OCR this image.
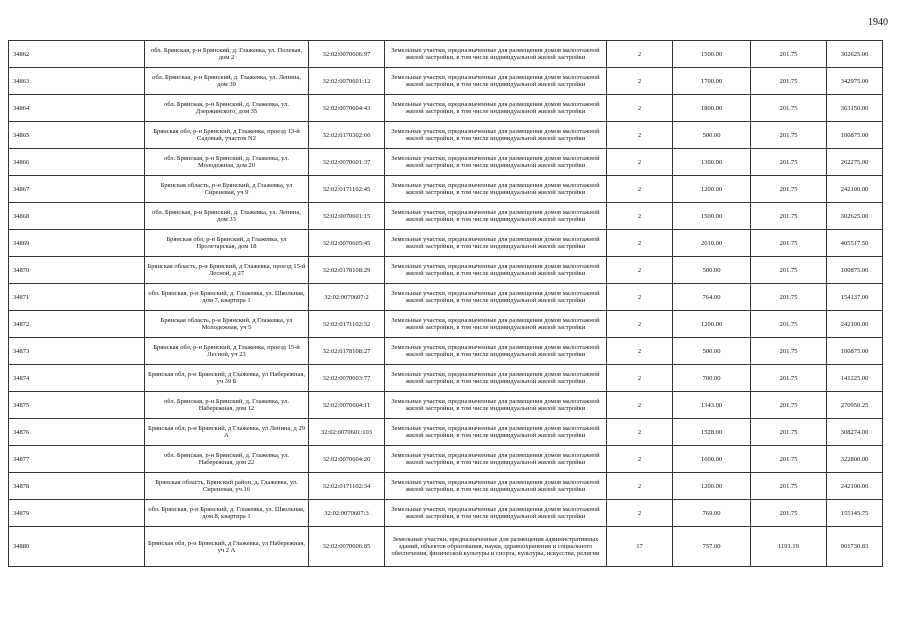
1940
34862	обл. Брянская, р-н Брянский, д. Глажевка, ул. Полевая, дом 2	32:02:0070606:97	Земельные участки, предназначенные для размещения домов малоэтажной жилой застройки, в том числе индивидуальной жилой застройки	2	1500.00	201.75	302625.00
34863	обл. Брянская, р-н Брянский, д. Глажевка, ул. Ленина, дом 39	32:02:0070601:12	Земельные участки, предназначенные для размещения домов малоэтажной жилой застройки, в том числе индивидуальной жилой застройки	2	1700.00	201.75	342975.00
34864	обл. Брянская, р-н Брянский, д. Глажевка, ул. Дзержинского, дом 35	32:02:0070604:43	Земельные участки, предназначенные для размещения домов малоэтажной жилой застройки, в том числе индивидуальной жилой застройки	2	1800.00	201.75	363150.00
34865	Брянская обл, р-н Брянский, д Глажевка, проезд 13-й Садовый, участок N2	32:02:0170302:66	Земельные участки, предназначенные для размещения домов малоэтажной жилой застройки, в том числе индивидуальной жилой застройки	2	500.00	201.75	100875.00
34866	обл. Брянская, р-н Брянский, д. Глажевка, ул. Молодежная, дом 20	32:02:0070601:37	Земельные участки, предназначенные для размещения домов малоэтажной жилой застройки, в том числе индивидуальной жилой застройки	2	1300.00	201.75	262275.00
34867	Брянская область, р-н Брянский, д Глажевка, ул Сиреневая, уч 9	32:02:0171102:45	Земельные участки, предназначенные для размещения домов малоэтажной жилой застройки, в том числе индивидуальной жилой застройки	2	1200.00	201.75	242100.00
34868	обл. Брянская, р-н Брянский, д. Глажевка, ул. Ленина, дом 33	32:02:0070601:15	Земельные участки, предназначенные для размещения домов малоэтажной жилой застройки, в том числе индивидуальной жилой застройки	2	1500.00	201.75	302625.00
34869	Брянская обл, р-н Брянский, д Глажевка, ул Пролетарская, дом 18	32:02:0070605:45	Земельные участки, предназначенные для размещения домов малоэтажной жилой застройки, в том числе индивидуальной жилой застройки	2	2010.00	201.75	405517.50
34870	Брянская область, р-н Брянский, д Глажевка, проезд 15-й Лесной, д 27	32:02:0178108:29	Земельные участки, предназначенные для размещения домов малоэтажной жилой застройки, в том числе индивидуальной жилой застройки	2	500.00	201.75	100875.00
34871	обл. Брянская, р-н Брянский, д. Глажевка, ул. Школьная, дом 7, квартира 1	32:02:0070607:2	Земельные участки, предназначенные для размещения домов малоэтажной жилой застройки, в том числе индивидуальной жилой застройки	2	764.00	201.75	154137.00
34872	Брянская область, р-н Брянский, д Глажевка, ул Молодежная, уч 5	32:02:0171102:32	Земельные участки, предназначенные для размещения домов малоэтажной жилой застройки, в том числе индивидуальной жилой застройки	2	1200.00	201.75	242100.00
34873	Брянская обл, р-н Брянский, д Глажевка, проезд 15-й Лесной, уч 23	32:02:0178108:27	Земельные участки, предназначенные для размещения домов малоэтажной жилой застройки, в том числе индивидуальной жилой застройки	2	500.00	201.75	100875.00
34874	Брянская обл, р-н Брянский, д Глажевка, ул Набережная, уч 39 Б	32:02:0070603:77	Земельные участки, предназначенные для размещения домов малоэтажной жилой застройки, в том числе индивидуальной жилой застройки	2	700.00	201.75	141225.00
34875	обл. Брянская, р-н Брянский, д. Глажевка, ул. Набережная, дом 12	32:02:0070604:11	Земельные участки, предназначенные для размещения домов малоэтажной жилой застройки, в том числе индивидуальной жилой застройки	2	1343.00	201.75	270950.25
34876	Брянская обл, р-н Брянский, д Глажевка, ул Ленина, д 29 А	32:02:0070601:103	Земельные участки, предназначенные для размещения домов малоэтажной жилой застройки, в том числе индивидуальной жилой застройки	2	1528.00	201.75	308274.00
34877	обл. Брянская, р-н Брянский, д. Глажевка, ул. Набережная, дом 22	32:02:0070604:20	Земельные участки, предназначенные для размещения домов малоэтажной жилой застройки, в том числе индивидуальной жилой застройки	2	1600.00	201.75	322800.00
34878	Брянская область, Брянский район, д. Глажевка, ул. Сиреневая, уч.16	32:02:0171102:34	Земельные участки, предназначенные для размещения домов малоэтажной жилой застройки, в том числе индивидуальной жилой застройки	2	1200.00	201.75	242100.00
34879	обл. Брянская, р-н Брянский, д. Глажевка, ул. Школьная, дом 8, квартира 1	32:02:0070607:3	Земельные участки, предназначенные для размещения домов малоэтажной жилой застройки, в том числе индивидуальной жилой застройки	2	769.00	201.75	155145.75
34880	Брянская обл, р-н Брянский, д Глажевка, ул Набережная, уч 2 А	32:02:0070606:85	Земельные участки, предназначенные для размещения административных зданий, объектов образования, науки, здравоохранения и социального обеспечения, физической культуры и спорта, культуры, искусства, религии	17	757.00	1191.19	901730.83
